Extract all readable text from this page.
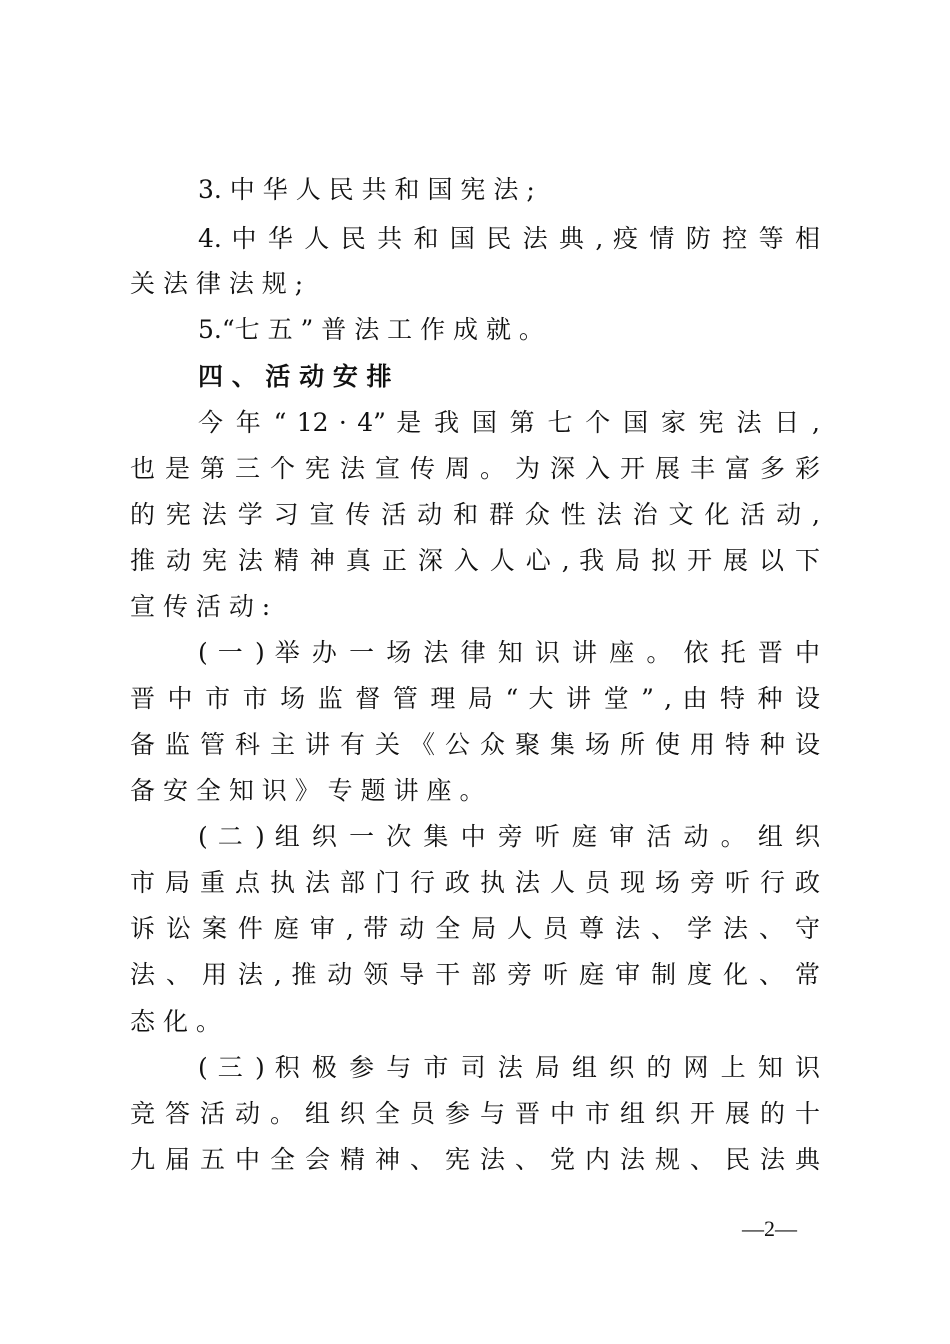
3. 中 华 人 民 共 和 国 宪 法 ;
4. 中 华 人 民 共 和 国 民 法 典 , 疫 情 防 控 等 相
关 法 律 法 规 ;
5.“七 五 ” 普 法 工 作 成 就 。
四 、 活 动 安 排
今 年 “ 12 · 4” 是 我 国 第 七 个 国 家 宪 法 日 ,
也 是 第 三 个 宪 法 宣 传 周 。 为 深 入 开 展 丰 富 多 彩
的 宪 法 学 习 宣 传 活 动 和 群 众 性 法 治 文 化 活 动 ,
推 动 宪 法 精 神 真 正 深 入 人 心 , 我 局 拟 开 展 以 下
宣 传 活 动 :
( 一 ) 举 办 一 场 法 律 知 识 讲 座 。 依 托 晋 中
晋 中 市 市 场 监 督 管 理 局 “ 大 讲 堂 ” , 由 特 种 设
备 监 管 科 主 讲 有 关 《 公 众 聚 集 场 所 使 用 特 种 设
备 安 全 知 识 》 专 题 讲 座 。
( 二 ) 组 织 一 次 集 中 旁 听 庭 审 活 动 。 组 织
市 局 重 点 执 法 部 门 行 政 执 法 人 员 现 场 旁 听 行 政
诉 讼 案 件 庭 审 , 带 动 全 局 人 员 尊 法 、 学 法 、 守
法 、 用 法 , 推 动 领 导 干 部 旁 听 庭 审 制 度 化 、 常
态 化 。
( 三 ) 积 极 参 与 市 司 法 局 组 织 的 网 上 知 识
竞 答 活 动 。 组 织 全 员 参 与 晋 中 市 组 织 开 展 的 十
九 届 五 中 全 会 精 神 、 宪 法 、 党 内 法 规 、 民 法 典
—2—
